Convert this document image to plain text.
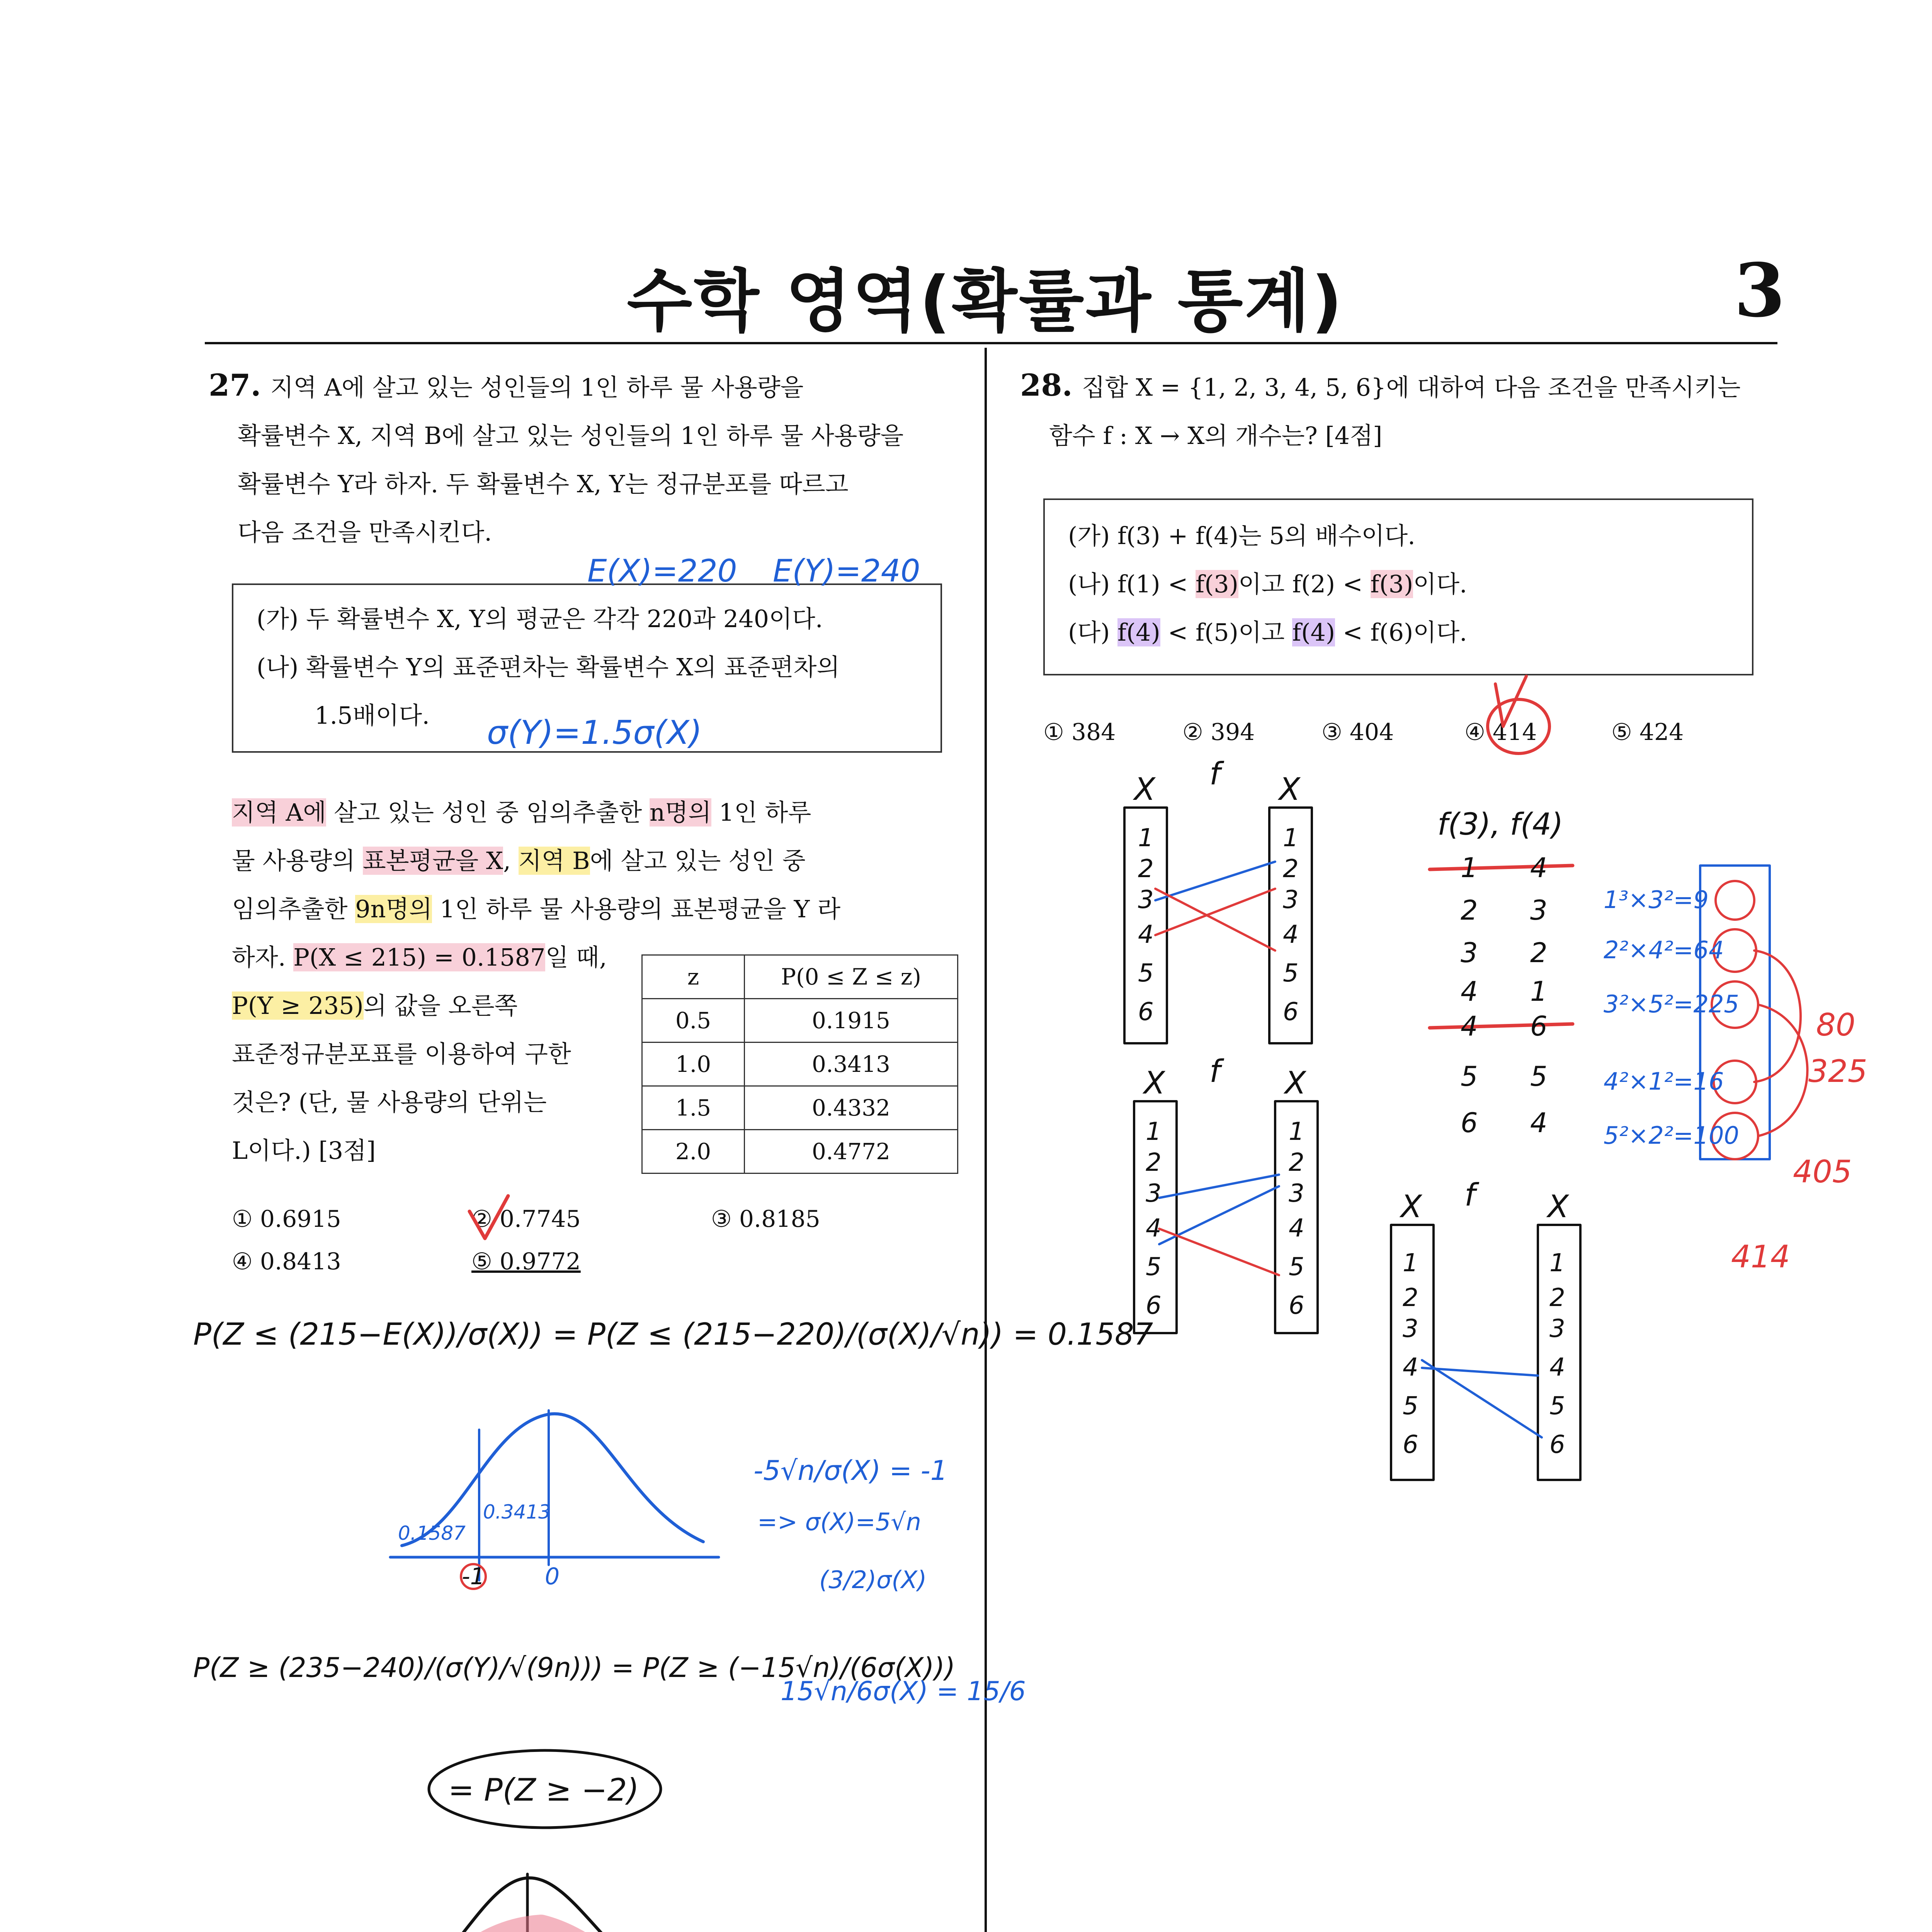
수학 영역(확률과 통계)	3
27. 지역 A에 살고 있는 성인들의 1인 하루 물 사용량을
확률변수 X, 지역 B에 살고 있는 성인들의 1인 하루 물 사용량을
확률변수 Y라 하자. 두 확률변수 X, Y는 정규분포를 따르고
다음 조건을 만족시킨다.
(가) 두 확률변수 X, Y의 평균은 각각 220과 240이다.
(나) 확률변수 Y의 표준편차는 확률변수 X의 표준편차의
1.5배이다.
지역 A에 살고 있는 성인 중 임의추출한 n명의 1인 하루
물 사용량의 표본평균을 X, 지역 B에 살고 있는 성인 중
임의추출한 9n명의 1인 하루 물 사용량의 표본평균을 Y 라
하자. P(X ≤ 215) = 0.1587일 때,
P(Y ≥ 235)의 값을 오른쪽
표준정규분포표를 이용하여 구한
것은? (단, 물 사용량의 단위는
L이다.) [3점]
z	P(0 ≤ Z ≤ z)
0.5	0.1915
1.0	0.3413
1.5	0.4332
2.0	0.4772
① 0.6915	② 0.7745	③ 0.8185
④ 0.8413	⑤ 0.9772
28. 집합 X = {1, 2, 3, 4, 5, 6}에 대하여 다음 조건을 만족시키는
함수 f : X → X의 개수는? [4점]
(가) f(3) + f(4)는 5의 배수이다.
(나) f(1) < f(3)이고 f(2) < f(3)이다.
(다) f(4) < f(5)이고 f(4) < f(6)이다.
① 384	② 394	③ 404	④ 414	⑤ 424
E(X)=220 E(Y)=240
σ(Y)=1.5σ(X)
P(Z ≤ (215−E(X))/σ(X)) = P(Z ≤ (215−220)/(σ(X)/√n)) = 0.1587
0.1587
0.3413
-1	0
-5√n/σ(X) = -1
=> σ(X)=5√n
(3/2)σ(X)
P(Z ≥ (235−240)/(σ(Y)/√(9n))) = P(Z ≥ (−15√n)/(6σ(X)))
15√n/6σ(X) = 15/6
= P(Z ≥ −2)
X f X
X f X
X f X
1
2
3
4
5
6
1
2
3
4
5
6
1
2
3
4
5
6
1
2
3
4
5
6
1
2
3
4
5
6
1
2
3
4
5
6
f(3), f(4)
1 4
2 3
3 2
4 1
4 6
5 5
6 4
1³×3²=9
2²×4²=64
3²×5²=225
4²×1²=16
5²×2²=100
80
325
405
414
